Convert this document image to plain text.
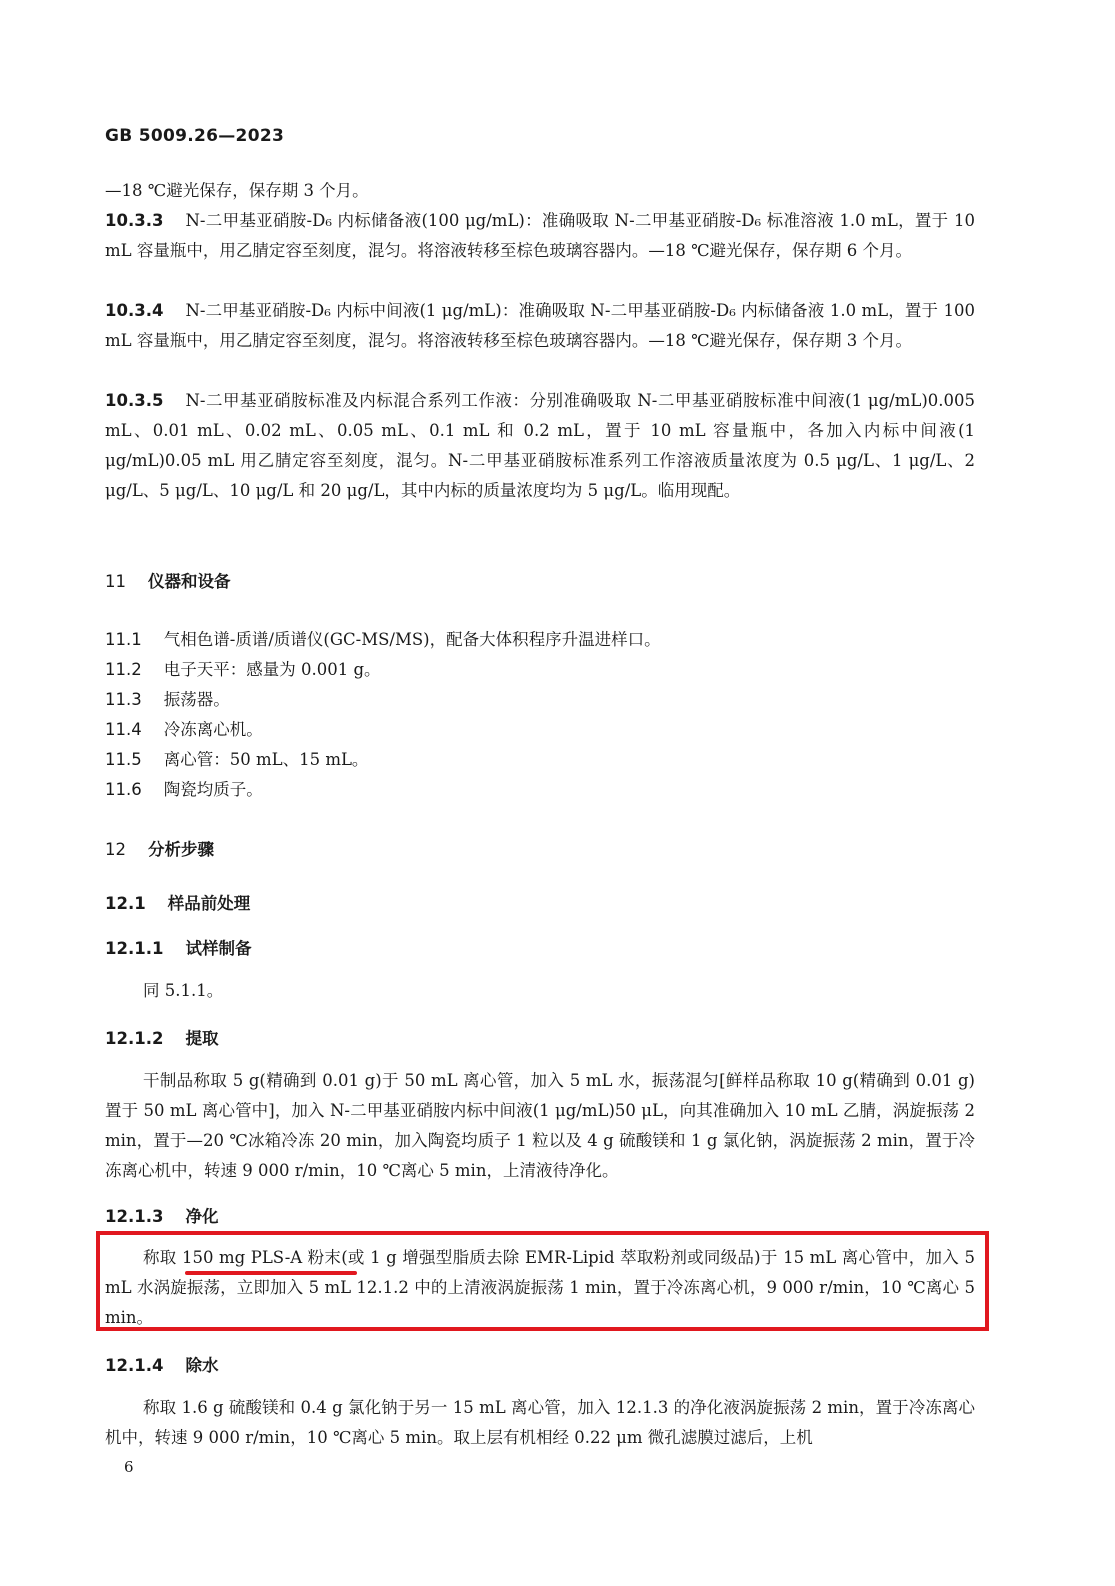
GB 5009.26—2023

—18 ℃避光保存，保存期 3 个月。

10.3.3 N-二甲基亚硝胺-D₆ 内标储备液(100 μg/mL)：准确吸取 N-二甲基亚硝胺-D₆ 标准溶液 1.0 mL，置于 10 mL 容量瓶中，用乙腈定容至刻度，混匀。将溶液转移至棕色玻璃容器内。—18 ℃避光保存，保存期 6 个月。

10.3.4 N-二甲基亚硝胺-D₆ 内标中间液(1 μg/mL)：准确吸取 N-二甲基亚硝胺-D₆ 内标储备液 1.0 mL，置于 100 mL 容量瓶中，用乙腈定容至刻度，混匀。将溶液转移至棕色玻璃容器内。—18 ℃避光保存，保存期 3 个月。

10.3.5 N-二甲基亚硝胺标准及内标混合系列工作液：分别准确吸取 N-二甲基亚硝胺标准中间液(1 μg/mL)0.005 mL、0.01 mL、0.02 mL、0.05 mL、0.1 mL 和 0.2 mL，置于 10 mL 容量瓶中，各加入内标中间液(1 μg/mL)0.05 mL 用乙腈定容至刻度，混匀。N-二甲基亚硝胺标准系列工作溶液质量浓度为 0.5 μg/L、1 μg/L、2 μg/L、5 μg/L、10 μg/L 和 20 μg/L，其中内标的质量浓度均为 5 μg/L。临用现配。

11 仪器和设备
11.1 气相色谱-质谱/质谱仪(GC-MS/MS)，配备大体积程序升温进样口。
11.2 电子天平：感量为 0.001 g。
11.3 振荡器。
11.4 冷冻离心机。
11.5 离心管：50 mL、15 mL。
11.6 陶瓷均质子。
12 分析步骤
12.1 样品前处理
12.1.1 试样制备

同 5.1.1。

12.1.2 提取

干制品称取 5 g(精确到 0.01 g)于 50 mL 离心管，加入 5 mL 水，振荡混匀[鲜样品称取 10 g(精确到 0.01 g)置于 50 mL 离心管中]，加入 N-二甲基亚硝胺内标中间液(1 μg/mL)50 μL，向其准确加入 10 mL 乙腈，涡旋振荡 2 min，置于—20 ℃冰箱冷冻 20 min，加入陶瓷均质子 1 粒以及 4 g 硫酸镁和 1 g 氯化钠，涡旋振荡 2 min，置于冷冻离心机中，转速 9 000 r/min，10 ℃离心 5 min，上清液待净化。

12.1.3 净化

称取 150 mg PLS-A 粉末(或 1 g 增强型脂质去除 EMR-Lipid 萃取粉剂或同级品)于 15 mL 离心管中，加入 5 mL 水涡旋振荡，立即加入 5 mL 12.1.2 中的上清液涡旋振荡 1 min，置于冷冻离心机，9 000 r/min，10 ℃离心 5 min。

12.1.4 除水

称取 1.6 g 硫酸镁和 0.4 g 氯化钠于另一 15 mL 离心管，加入 12.1.3 的净化液涡旋振荡 2 min，置于冷冻离心机中，转速 9 000 r/min，10 ℃离心 5 min。取上层有机相经 0.22 μm 微孔滤膜过滤后，上机

6
